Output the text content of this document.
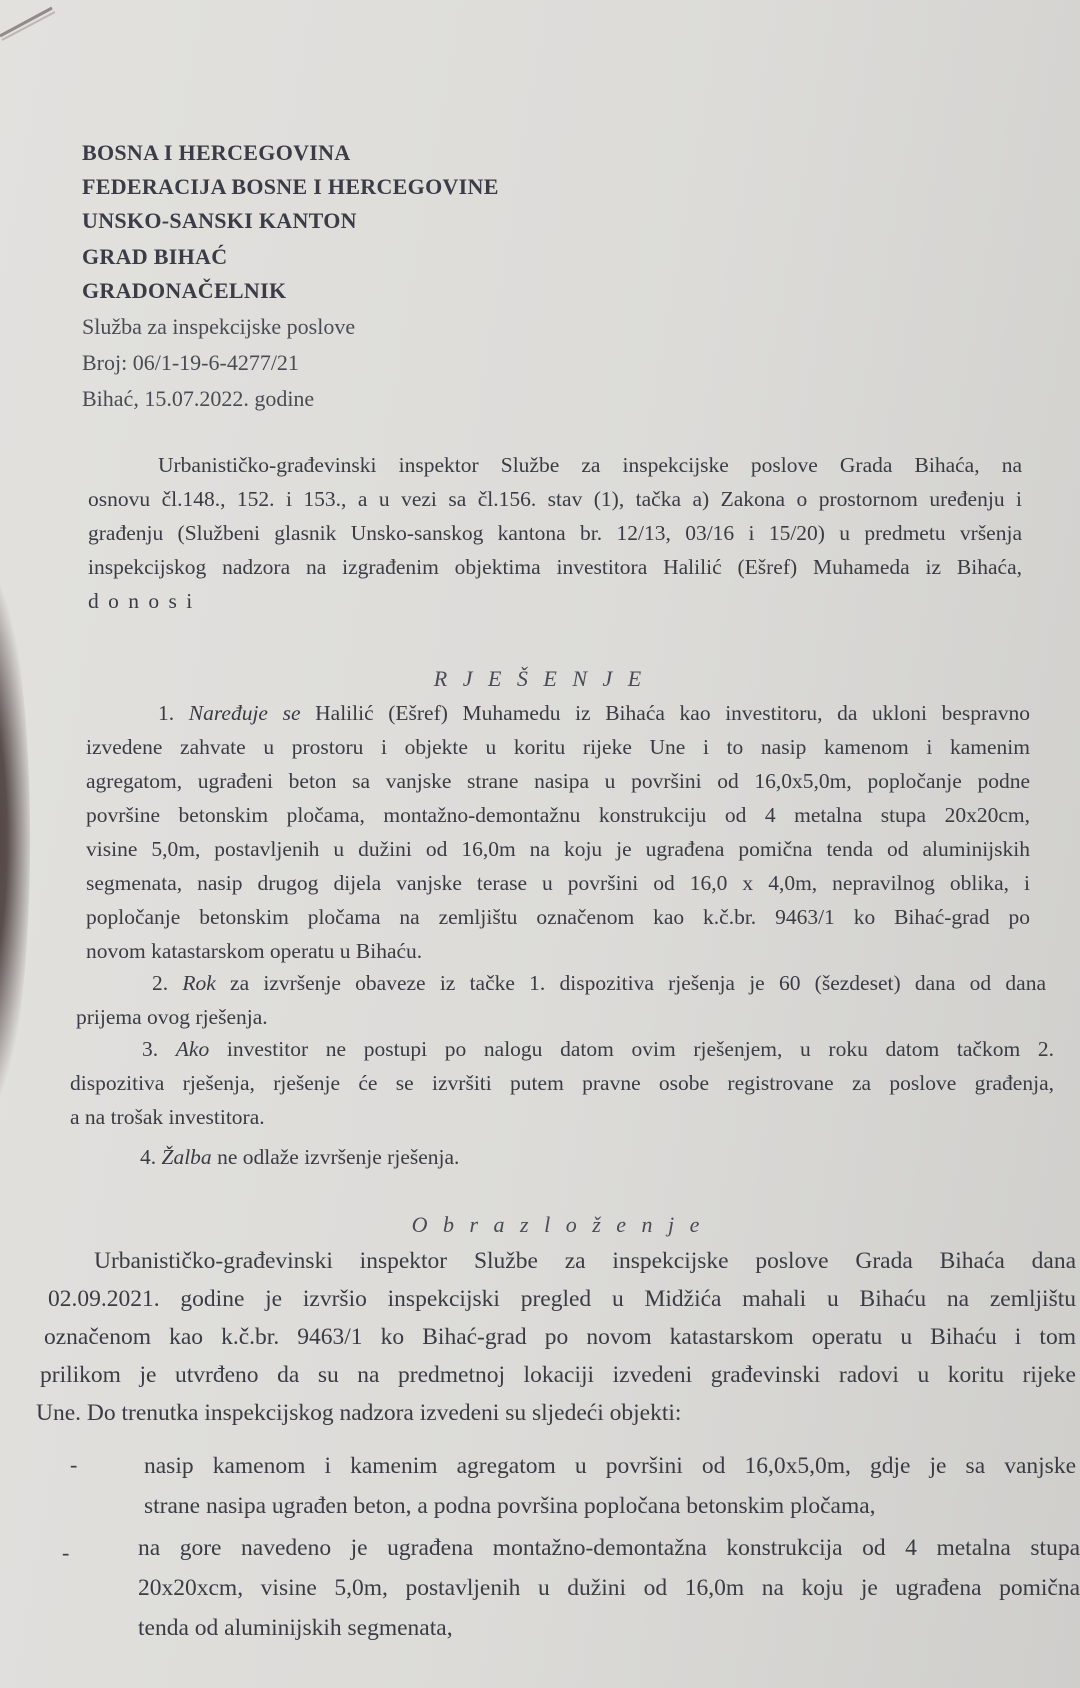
BOSNA I HERCEGOVINA
FEDERACIJA BOSNE I HERCEGOVINE
UNSKO-SANSKI KANTON
GRAD BIHAĆ
GRADONAČELNIK
Služba za inspekcijske poslove
Broj: 06/1-19-6-4277/21
Bihać, 15.07.2022. godine
Urbanističko-građevinski inspektor Službe za inspekcijske poslove Grada Bihaća, na
osnovu čl.148., 152. i 153., a u vezi sa čl.156. stav (1), tačka a) Zakona o prostornom uređenju i
građenju (Službeni glasnik Unsko-sanskog kantona br. 12/13, 03/16 i 15/20) u predmetu vršenja
inspekcijskog nadzora na izgrađenim objektima investitora Halilić (Ešref) Muhameda iz Bihaća,
d o n o s i
R J E Š E N J E
1. Naređuje se Halilić (Ešref) Muhamedu iz Bihaća kao investitoru, da ukloni bespravno
izvedene zahvate u prostoru i objekte u koritu rijeke Une i to nasip kamenom i kamenim
agregatom, ugrađeni beton sa vanjske strane nasipa u površini od 16,0x5,0m, popločanje podne
površine betonskim pločama, montažno-demontažnu konstrukciju od 4 metalna stupa 20x20cm,
visine 5,0m, postavljenih u dužini od 16,0m na koju je ugrađena pomična tenda od aluminijskih
segmenata, nasip drugog dijela vanjske terase u površini od 16,0 x 4,0m, nepravilnog oblika, i
popločanje betonskim pločama na zemljištu označenom kao k.č.br. 9463/1 ko Bihać-grad po
novom katastarskom operatu u Bihaću.
2. Rok za izvršenje obaveze iz tačke 1. dispozitiva rješenja je 60 (šezdeset) dana od dana
prijema ovog rješenja.
3. Ako investitor ne postupi po nalogu datom ovim rješenjem, u roku datom tačkom 2.
dispozitiva rješenja, rješenje će se izvršiti putem pravne osobe registrovane za poslove građenja,
a na trošak investitora.
4. Žalba ne odlaže izvršenje rješenja.
O b r a z l o ž e n j e
Urbanističko-građevinski inspektor Službe za inspekcijske poslove Grada Bihaća dana
02.09.2021. godine je izvršio inspekcijski pregled u Midžića mahali u Bihaću na zemljištu
označenom kao k.č.br. 9463/1 ko Bihać-grad po novom katastarskom operatu u Bihaću i tom
prilikom je utvrđeno da su na predmetnoj lokaciji izvedeni građevinski radovi u koritu rijeke
Une. Do trenutka inspekcijskog nadzora izvedeni su sljedeći objekti:
-	nasip kamenom i kamenim agregatom u površini od 16,0x5,0m, gdje je sa vanjske
strane nasipa ugrađen beton, a podna površina popločana betonskim pločama,
-	na gore navedeno je ugrađena montažno-demontažna konstrukcija od 4 metalna stupa
20x20xcm, visine 5,0m, postavljenih u dužini od 16,0m na koju je ugrađena pomična
tenda od aluminijskih segmenata,
